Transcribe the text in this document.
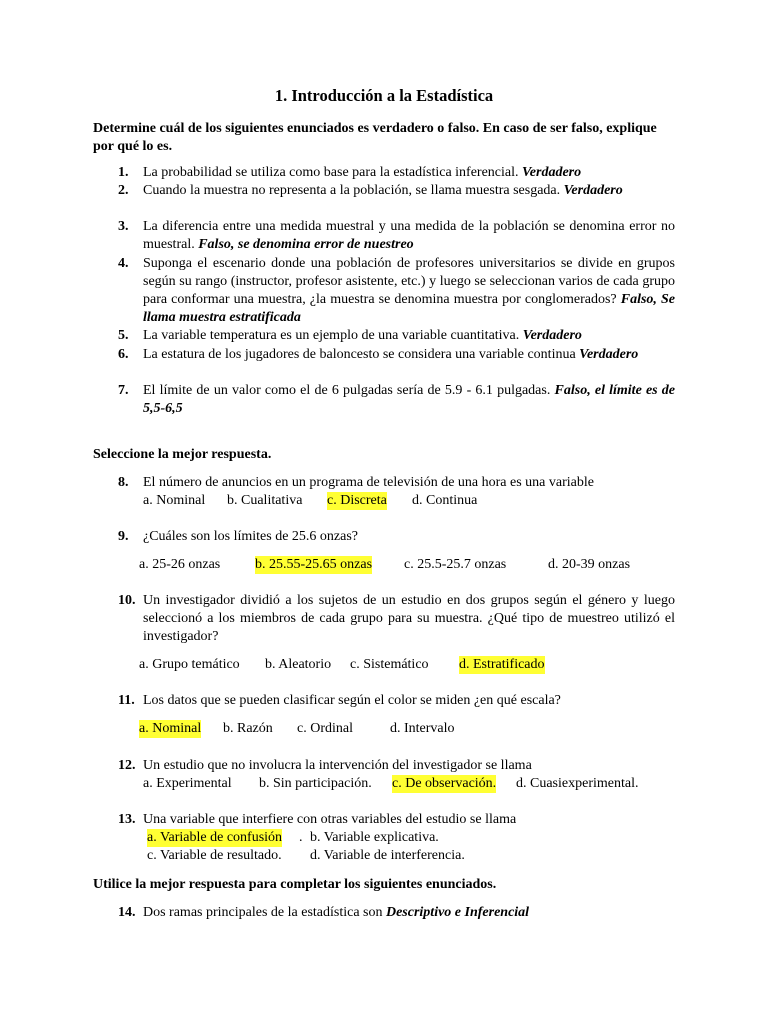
1. Introducción a la Estadística
Determine cuál de los siguientes enunciados es verdadero o falso. En caso de ser falso, explique por qué lo es.
1. La probabilidad se utiliza como base para la estadística inferencial. Verdadero
2. Cuando la muestra no representa a la población, se llama muestra sesgada. Verdadero
3. La diferencia entre una medida muestral y una medida de la población se denomina error no muestral. Falso, se denomina error de nuestreo
4. Suponga el escenario donde una población de profesores universitarios se divide en grupos según su rango (instructor, profesor asistente, etc.) y luego se seleccionan varios de cada grupo para conformar una muestra, ¿la muestra se denomina muestra por conglomerados? Falso, Se llama muestra estratificada
5. La variable temperatura es un ejemplo de una variable cuantitativa. Verdadero
6. La estatura de los jugadores de baloncesto se considera una variable continua Verdadero
7. El límite de un valor como el de 6 pulgadas sería de 5.9 - 6.1 pulgadas. Falso, el límite es de 5,5-6,5
Seleccione la mejor respuesta.
8. El número de anuncios en un programa de televisión de una hora es una variable
a. Nominal b. Cualitativa c. Discreta d. Continua
9. ¿Cuáles son los límites de 25.6 onzas?
a. 25-26 onzas b. 25.55-25.65 onzas c. 25.5-25.7 onzas	d. 20-39 onzas
10. Un investigador dividió a los sujetos de un estudio en dos grupos según el género y luego seleccionó a los miembros de cada grupo para su muestra. ¿Qué tipo de muestreo utilizó el investigador?
a. Grupo temático b. Aleatorio c. Sistemático d. Estratificado
11. Los datos que se pueden clasificar según el color se miden ¿en qué escala?
a. Nominal b. Razón c. Ordinal	d. Intervalo
12. Un estudio que no involucra la intervención del investigador se llama
a. Experimental b. Sin participación. c. De observación. d. Cuasiexperimental.
13. Una variable que interfiere con otras variables del estudio se llama
a. Variable de confusión . b. Variable explicativa.
c. Variable de resultado. d. Variable de interferencia.
Utilice la mejor respuesta para completar los siguientes enunciados.
14. Dos ramas principales de la estadística son Descriptivo e Inferencial
